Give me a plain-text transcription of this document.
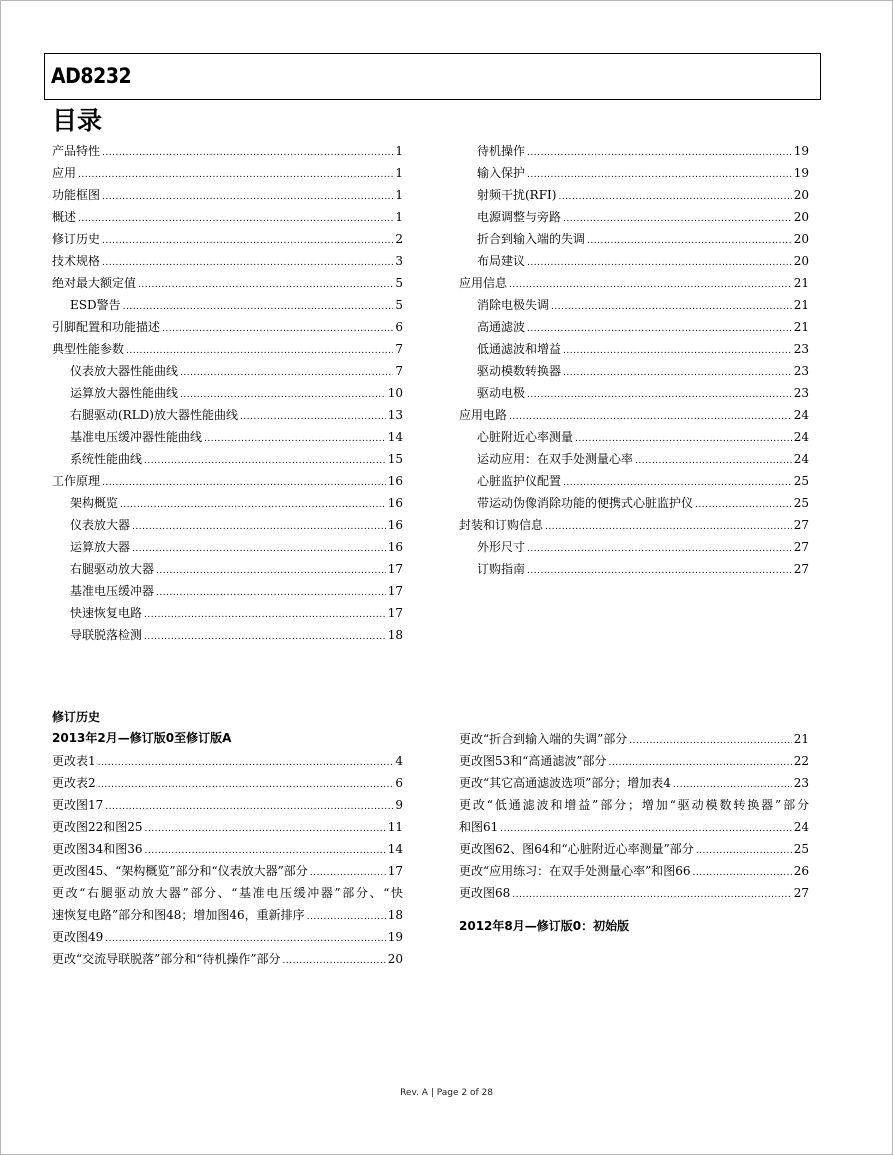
AD8232
目录
产品特性 .....	1
应用 .....	1
功能框图 .....	1
概述 .....	1
修订历史 .....	2
技术规格 .....	3
绝对最大额定值 .....	5
ESD警告 .....	5
引脚配置和功能描述 .....	6
典型性能参数 .....	7
仪表放大器性能曲线 .....	7
运算放大器性能曲线 .....	10
右腿驱动(RLD)放大器性能曲线 .....	13
基准电压缓冲器性能曲线 .....	14
系统性能曲线 .....	15
工作原理 .....	16
架构概览 .....	16
仪表放大器 .....	16
运算放大器 .....	16
右腿驱动放大器 .....	17
基准电压缓冲器 .....	17
快速恢复电路 .....	17
导联脱落检测 .....	18
待机操作 .....	19
输入保护 .....	19
射频干扰(RFI) .....	20
电源调整与旁路 .....	20
折合到输入端的失调 .....	20
布局建议 .....	20
应用信息 .....	21
消除电极失调 .....	21
高通滤波 .....	21
低通滤波和增益 .....	23
驱动模数转换器 .....	23
驱动电极 .....	23
应用电路 .....	24
心脏附近心率测量 .....	24
运动应用：在双手处测量心率 .....	24
心脏监护仪配置 .....	25
带运动伪像消除功能的便携式心脏监护仪 .....	25
封装和订购信息 .....	27
外形尺寸 .....	27
订购指南 .....	27
修订历史
2013年2月—修订版0至修订版A
更改表1 .....	4
更改表2 .....	6
更改图17 .....	9
更改图22和图25 .....	11
更改图34和图36 .....	14
更改图45、“架构概览”部分和“仪表放大器”部分 .....	17
更改“右腿驱动放大器”部分、“基准电压缓冲器”部分、“快
速恢复电路”部分和图48；增加图46，重新排序 .....	18
更改图49 .....	19
更改“交流导联脱落”部分和“待机操作”部分 .....	20
更改“折合到输入端的失调”部分 .....	21
更改图53和“高通滤波”部分 .....	22
更改“其它高通滤波选项”部分；增加表4 .....	23
更改“低通滤波和增益”部分；增加“驱动模数转换器”部分
和图61 .....	24
更改图62、图64和“心脏附近心率测量”部分 .....	25
更改“应用练习：在双手处测量心率”和图66 .....	26
更改图68 .....	27
2012年8月—修订版0：初始版
Rev. A | Page 2 of 28
